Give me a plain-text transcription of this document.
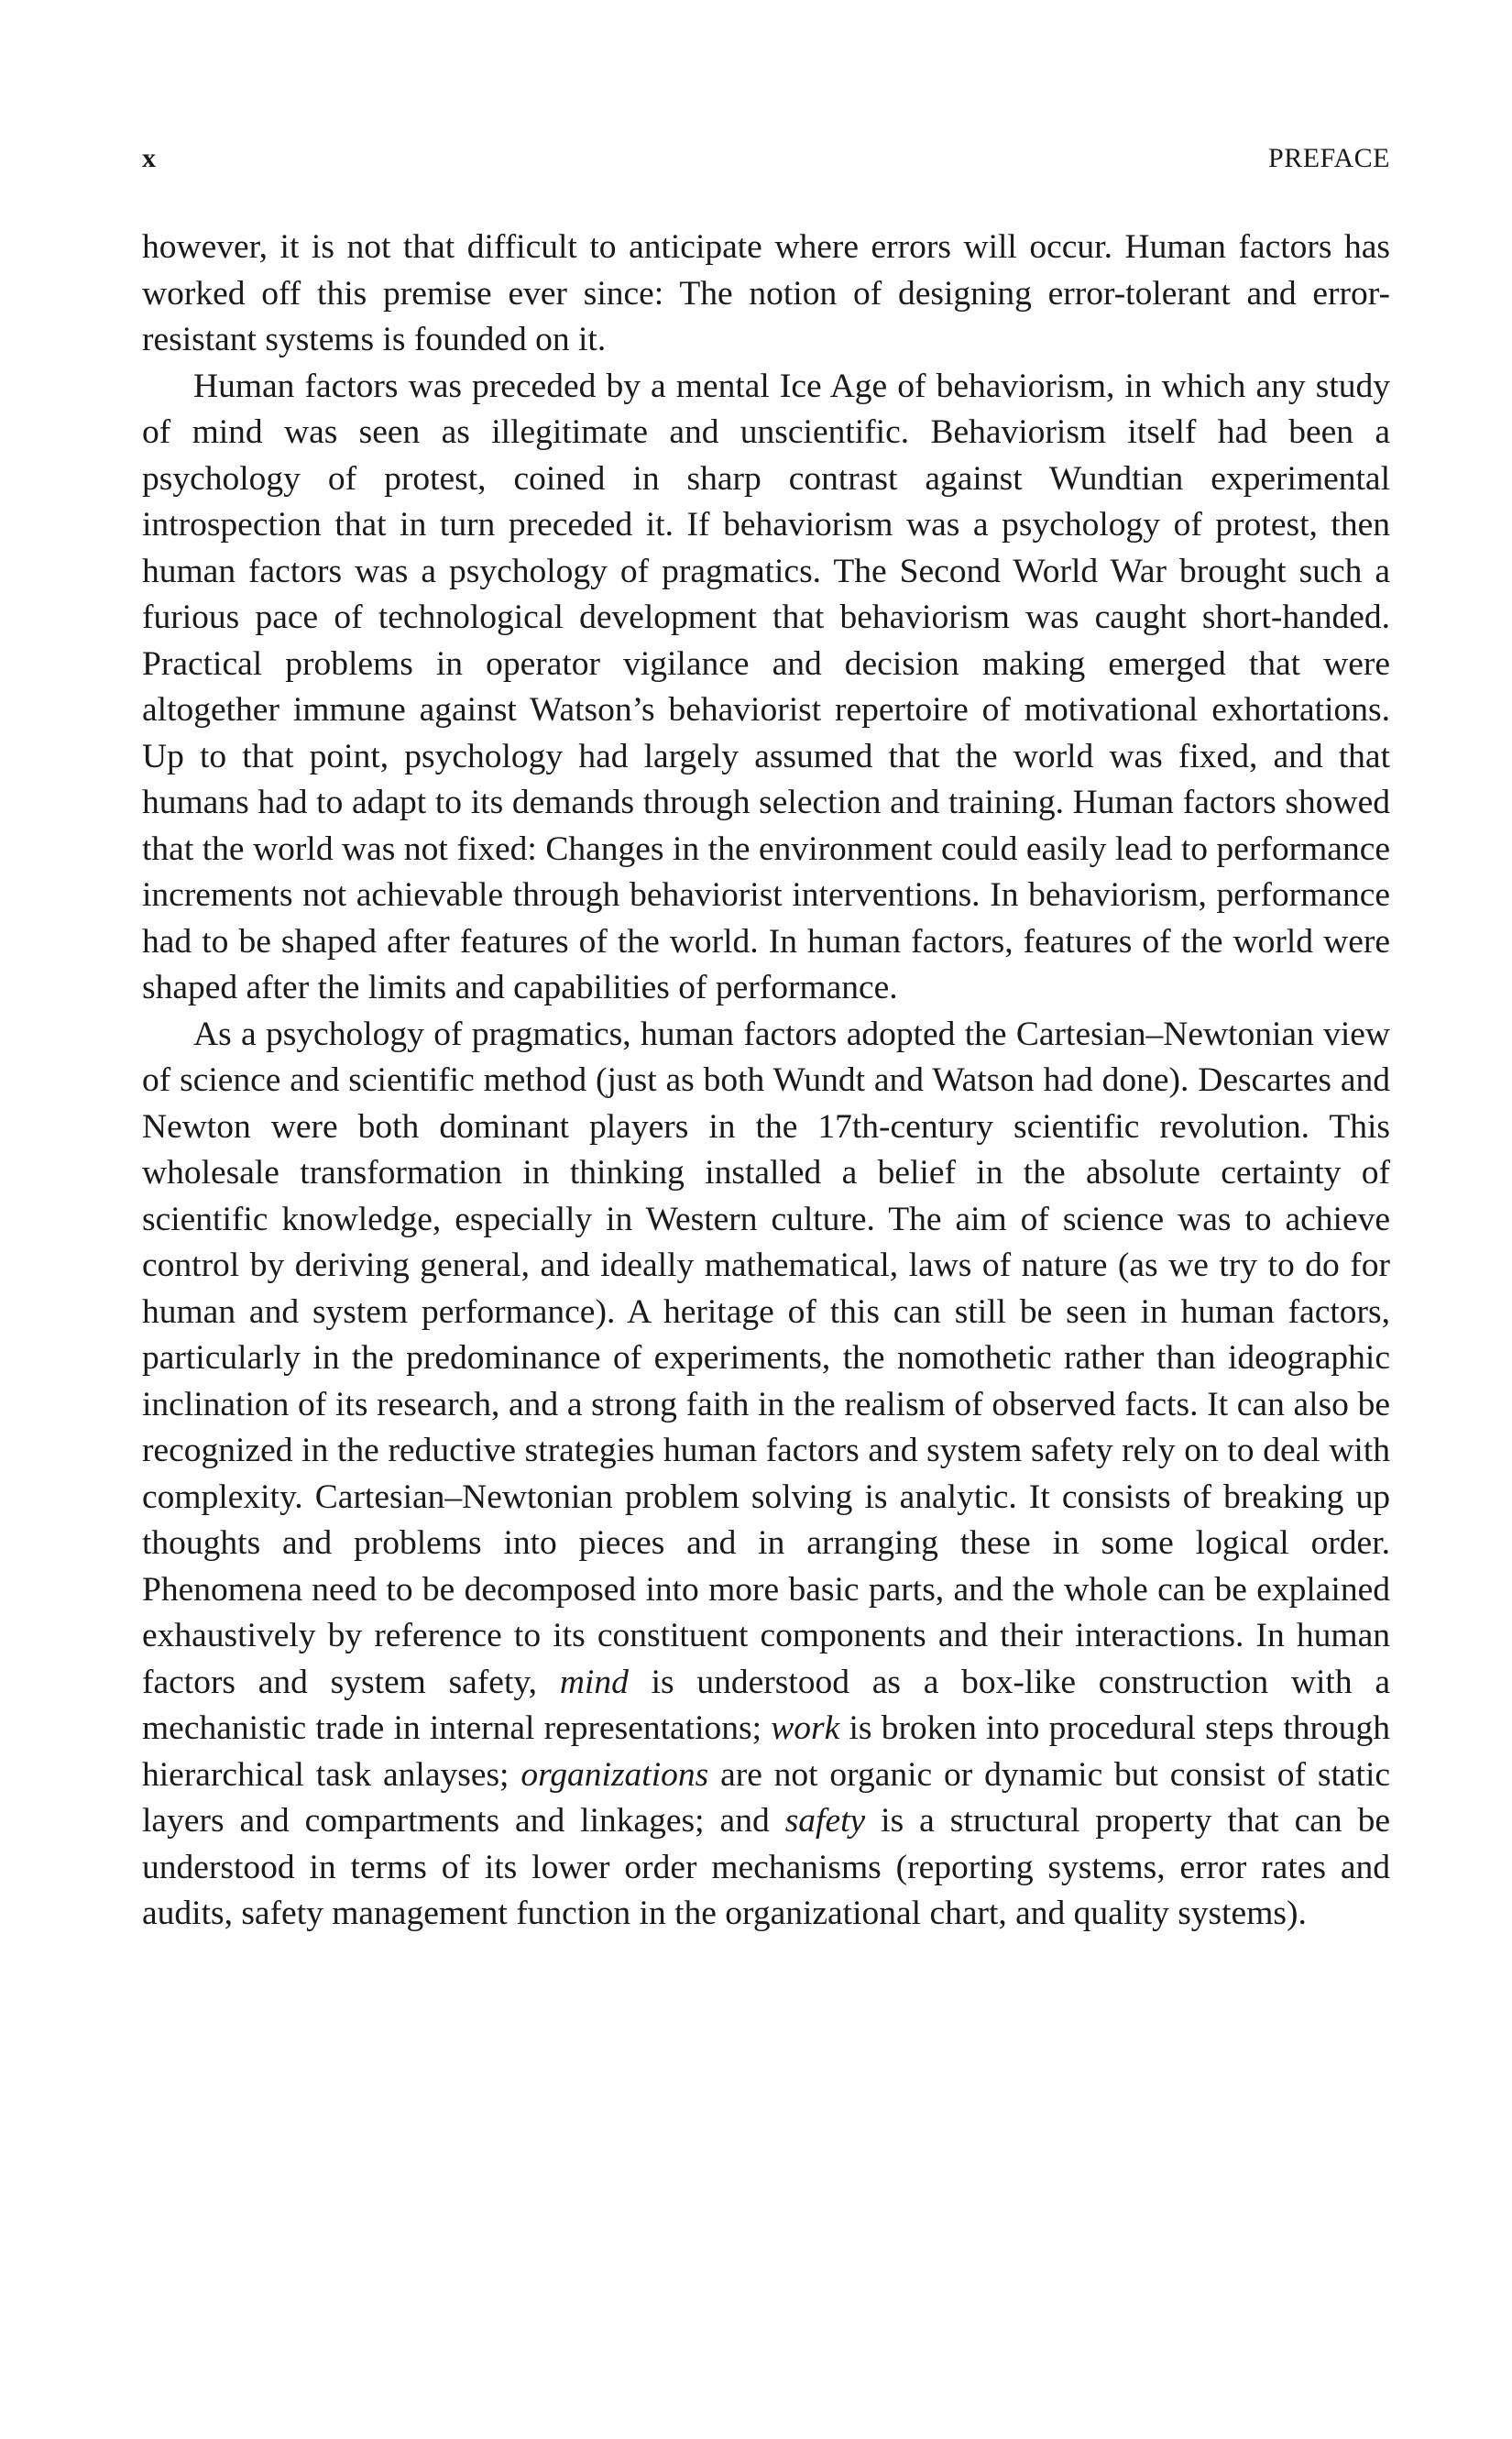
x	PREFACE

however, it is not that difficult to anticipate where errors will occur. Human factors has worked off this premise ever since: The notion of designing error-tolerant and error-resistant systems is founded on it.

Human factors was preceded by a mental Ice Age of behaviorism, in which any study of mind was seen as illegitimate and unscientific. Behaviorism itself had been a psychology of protest, coined in sharp contrast against Wundtian experimental introspection that in turn preceded it. If behaviorism was a psychology of protest, then human factors was a psychology of pragmatics. The Second World War brought such a furious pace of technological development that behaviorism was caught short-handed. Practical problems in operator vigilance and decision making emerged that were altogether immune against Watson’s behaviorist repertoire of motivational exhortations. Up to that point, psychology had largely assumed that the world was fixed, and that humans had to adapt to its demands through selection and training. Human factors showed that the world was not fixed: Changes in the environment could easily lead to performance increments not achievable through behaviorist interventions. In behaviorism, performance had to be shaped after features of the world. In human factors, features of the world were shaped after the limits and capabilities of performance.

As a psychology of pragmatics, human factors adopted the Cartesian–Newtonian view of science and scientific method (just as both Wundt and Watson had done). Descartes and Newton were both dominant players in the 17th-century scientific revolution. This wholesale transformation in thinking installed a belief in the absolute certainty of scientific knowledge, especially in Western culture. The aim of science was to achieve control by deriving general, and ideally mathematical, laws of nature (as we try to do for human and system performance). A heritage of this can still be seen in human factors, particularly in the predominance of experiments, the nomothetic rather than ideographic inclination of its research, and a strong faith in the realism of observed facts. It can also be recognized in the reductive strategies human factors and system safety rely on to deal with complexity. Cartesian–Newtonian problem solving is analytic. It consists of breaking up thoughts and problems into pieces and in arranging these in some logical order. Phenomena need to be decomposed into more basic parts, and the whole can be explained exhaustively by reference to its constituent components and their interactions. In human factors and system safety, mind is understood as a box-like construction with a mechanistic trade in internal representations; work is broken into procedural steps through hierarchical task anlayses; organizations are not organic or dynamic but consist of static layers and compartments and linkages; and safety is a structural property that can be understood in terms of its lower order mechanisms (reporting systems, error rates and audits, safety management function in the organizational chart, and quality systems).
